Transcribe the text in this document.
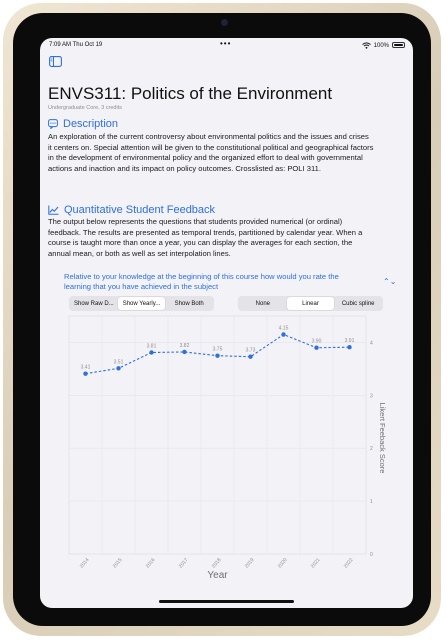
7:09 AM Thu Oct 19	•••	100%
ENVS311: Politics of the Environment
Undergraduate Core, 3 credits
Description
An exploration of the current controversy about environmental politics and the issues and crises it centers on. Special attention will be given to the constitutional political and geographical factors in the development of environmental policy and the organized effort to deal with governmental actions and inaction and its impact on policy outcomes. Crosslisted as: POLI 311.
Quantitative Student Feedback
The output below represents the questions that students provided numerical (or ordinal) feedback. The results are presented as temporal trends, partitioned by calendar year. When a course is taught more than once a year, you can display the averages for each section, the annual mean, or both as well as set interpolation lines.
Relative to your knowledge at the beginning of this course how would you rate the learning that you have achieved in the subject
⌃⌄
Show Raw D...	Show Yearly...	Show Both	None	Linear	Cubic spline
0
1
2
3
4
3.41
3.51
3.81	3.82
3.75	3.73
4.15
3.90	3.91
2014	2015	2016	2017	2018	2019	2020	2021	2022
Year
Likert Feeback Score
